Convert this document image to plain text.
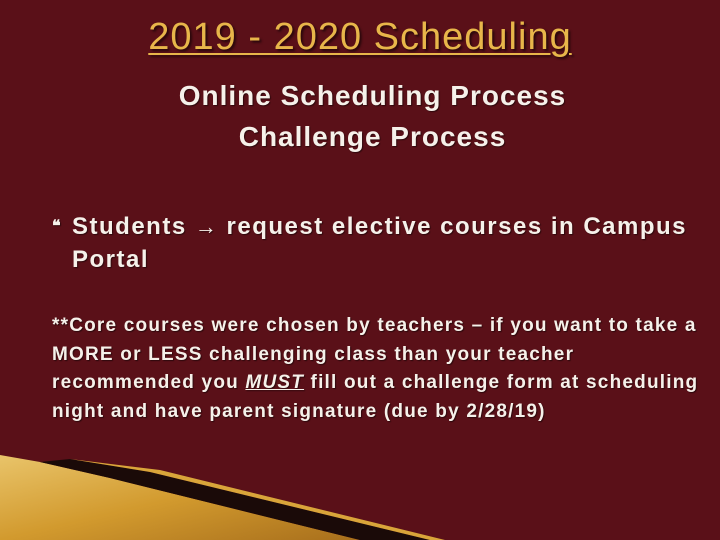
2019 - 2020 Scheduling
Online Scheduling Process
Challenge Process
❝ Students → request elective courses in Campus Portal
**Core courses were chosen by teachers – if you want to take a MORE or LESS challenging class than your teacher recommended you MUST fill out a challenge form at scheduling night and have parent signature (due by 2/28/19)
